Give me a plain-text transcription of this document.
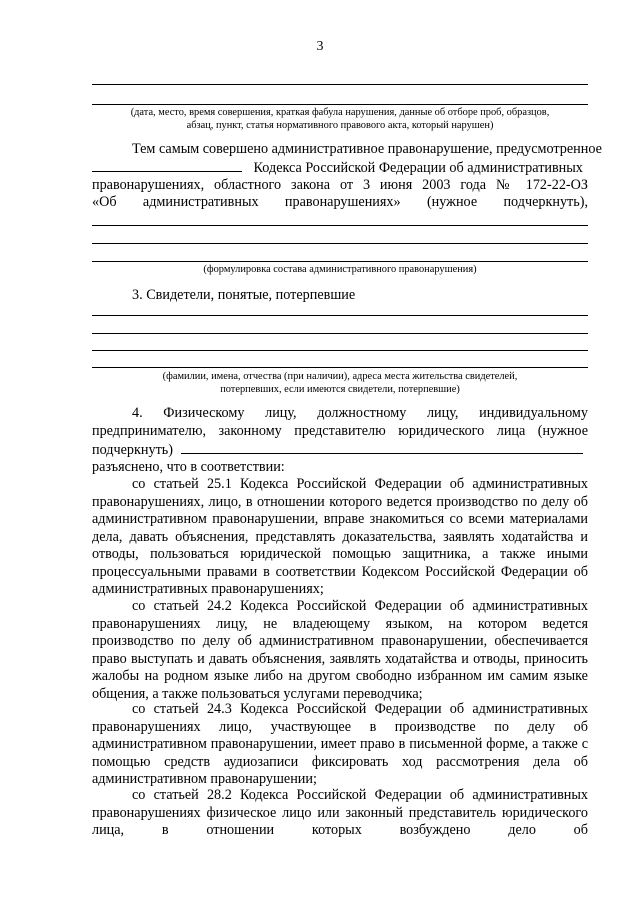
3
(дата, место, время совершения, краткая фабула нарушения, данные об отборе проб, образцов,
абзац, пункт, статья нормативного правового акта, который нарушен)
Тем самым совершено административное правонарушение, предусмотренное
Кодекса Российской Федерации об административных
правонарушениях, областного закона от 3 июня 2003 года № 172-22-ОЗ
«Об административных правонарушениях» (нужное подчеркнуть),
(формулировка состава административного правонарушения)
3. Свидетели, понятые, потерпевшие
(фамилии, имена, отчества (при наличии), адреса места жительства свидетелей,
потерпевших, если имеются свидетели, потерпевшие)
4. Физическому лицу, должностному лицу, индивидуальному
предпринимателю, законному представителю юридического лица (нужное
подчеркнуть)
разъяснено, что в соответствии:
со статьей 25.1 Кодекса Российской Федерации об административных правонарушениях, лицо, в отношении которого ведется производство по делу об административном правонарушении, вправе знакомиться со всеми материалами дела, давать объяснения, представлять доказательства, заявлять ходатайства и отводы, пользоваться юридической помощью защитника, а также иными процессуальными правами в соответствии Кодексом Российской Федерации об административных правонарушениях;
со статьей 24.2 Кодекса Российской Федерации об административных правонарушениях лицу, не владеющему языком, на котором ведется производство по делу об административном правонарушении, обеспечивается право выступать и давать объяснения, заявлять ходатайства и отводы, приносить жалобы на родном языке либо на другом свободно избранном им самим языке общения, а также пользоваться услугами переводчика;
со статьей 24.3 Кодекса Российской Федерации об административных правонарушениях лицо, участвующее в производстве по делу об административном правонарушении, имеет право в письменной форме, а также с помощью средств аудиозаписи фиксировать ход рассмотрения дела об административном правонарушении;
со статьей 28.2 Кодекса Российской Федерации об административных правонарушениях физическое лицо или законный представитель юридического лица, в отношении которых возбуждено дело об
